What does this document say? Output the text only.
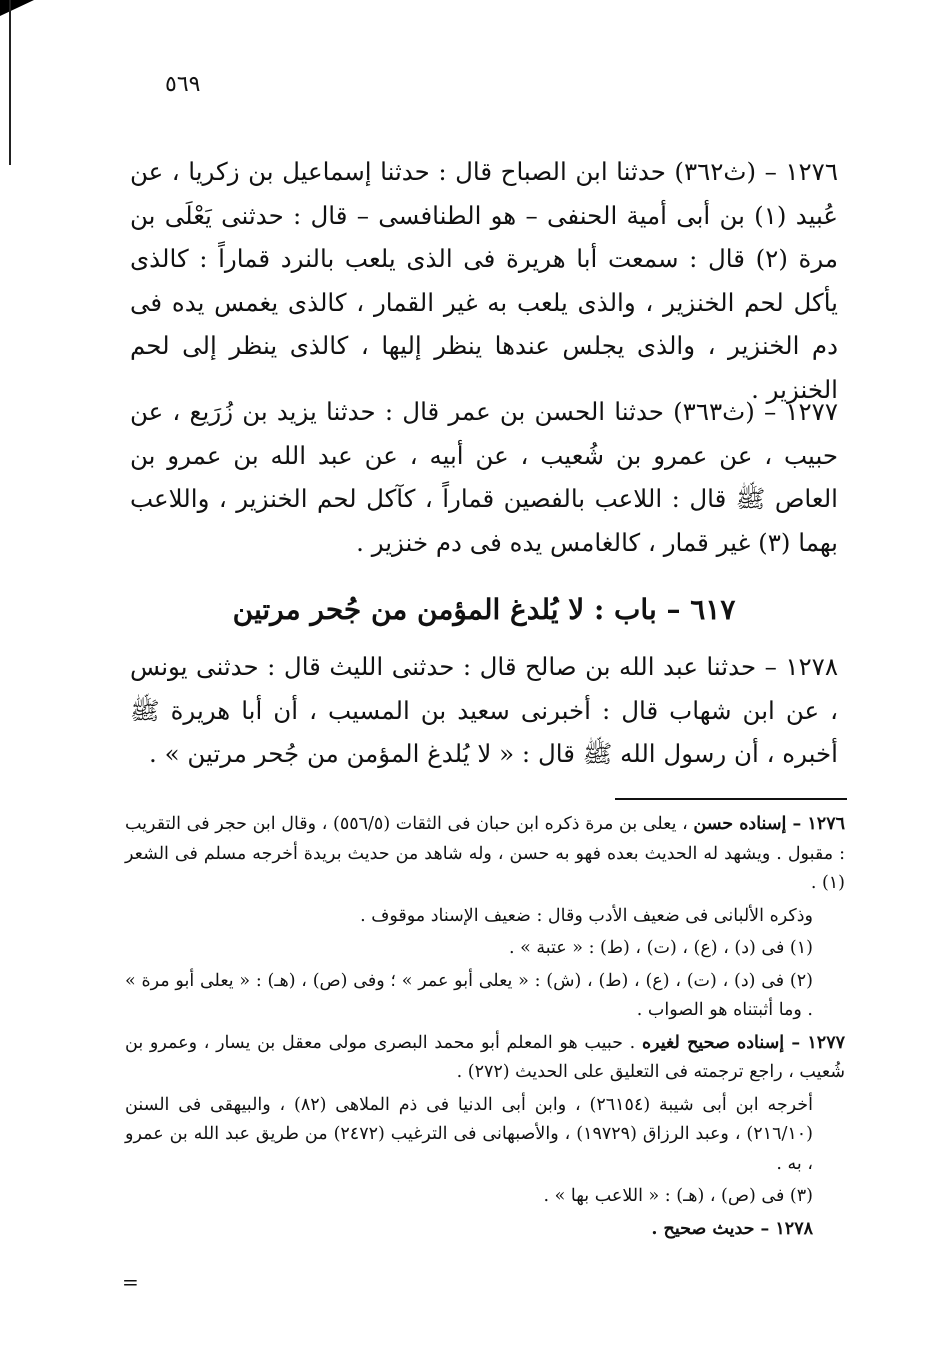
٥٦٩

١٢٧٦ – (ث٣٦٢) حدثنا ابن الصباح قال : حدثنا إسماعيل بن زكريا ، عن عُبيد (١) بن أبى أمية الحنفى – هو الطنافسى – قال : حدثنى يَعْلَى بن مرة (٢) قال : سمعت أبا هريرة فى الذى يلعب بالنرد قماراً : كالذى يأكل لحم الخنزير ، والذى يلعب به غير القمار ، كالذى يغمس يده فى دم الخنزير ، والذى يجلس عندها ينظر إليها ، كالذى ينظر إلى لحم الخنزير .

١٢٧٧ – (ث٣٦٣) حدثنا الحسن بن عمر قال : حدثنا يزيد بن زُرَيع ، عن حبيب ، عن عمرو بن شُعيب ، عن أبيه ، عن عبد الله بن عمرو بن العاص ﷺ قال : اللاعب بالفصين قماراً ، كآكل لحم الخنزير ، واللاعب بهما (٣) غير قمار ، كالغامس يده فى دم خنزير .

٦١٧ – باب : لا يُلدغ المؤمن من جُحر مرتين

١٢٧٨ – حدثنا عبد الله بن صالح قال : حدثنى الليث قال : حدثنى يونس ، عن ابن شهاب قال : أخبرنى سعيد بن المسيب ، أن أبا هريرة ﷺ أخبره ، أن رسول الله ﷺ قال : « لا يُلدغ المؤمن من جُحر مرتين » .

١٢٧٦ – إسناده حسن ، يعلى بن مرة ذكره ابن حبان فى الثقات (٥٥٦/٥) ، وقال ابن حجر فى التقريب : مقبول . ويشهد له الحديث بعده فهو به حسن ، وله شاهد من حديث بريدة أخرجه مسلم فى الشعر (١) .

وذكره الألبانى فى ضعيف الأدب وقال : ضعيف الإسناد موقوف .

(١) فى (د) ، (ع) ، (ت) ، (ط) : « عتبة » .

(٢) فى (د) ، (ت) ، (ع) ، (ط) ، (ش) : « يعلى أبو عمر » ؛ وفى (ص) ، (هـ) : « يعلى أبو مرة » . وما أثبتناه هو الصواب .

١٢٧٧ – إسناده صحيح لغيره . حبيب هو المعلم أبو محمد البصرى مولى معقل بن يسار ، وعمرو بن شُعيب ، راجع ترجمته فى التعليق على الحديث (٢٧٢) .

أخرجه ابن أبى شيبة (٢٦١٥٤) ، وابن أبى الدنيا فى ذم الملاهى (٨٢) ، والبيهقى فى السنن (٢١٦/١٠) ، وعبد الرزاق (١٩٧٢٩) ، والأصبهانى فى الترغيب (٢٤٧٢) من طريق عبد الله بن عمرو ، به .

(٣) فى (ص) ، (هـ) : « اللاعب بها » .

١٢٧٨ – حديث صحيح .

=
